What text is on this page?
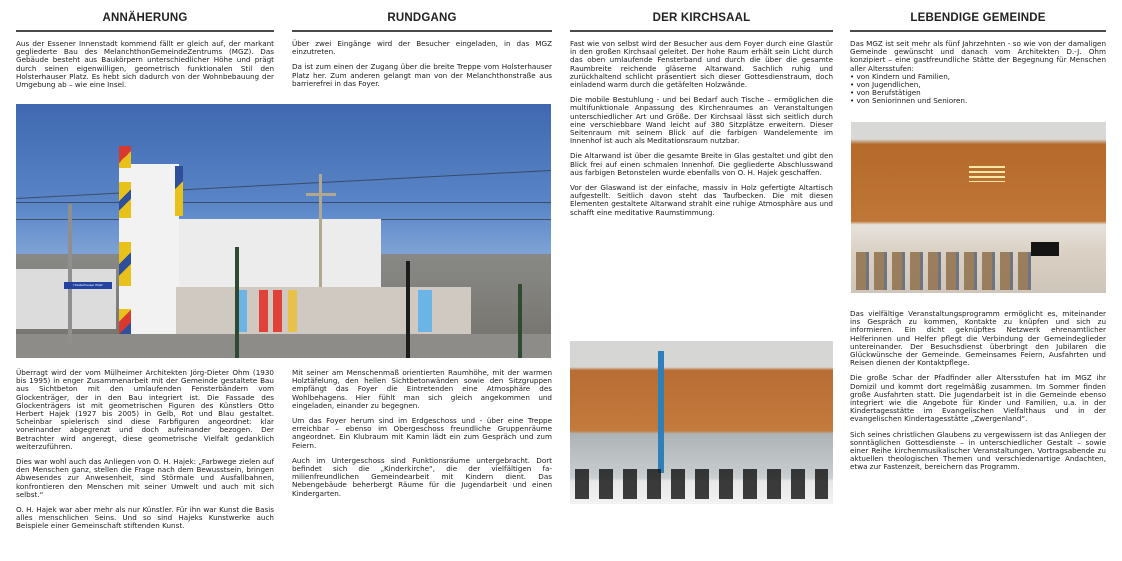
ANNÄHERUNG

Aus der Essener Innenstadt kommend fällt er gleich auf, der markant gegliederte Bau des MelanchthonGemeindeZentrums (MGZ). Das Gebäude besteht aus Baukörpern unterschiedlicher Höhe und prägt durch seinen eigenwilligen, geometrisch funktionalen Stil den Holsterhauser Platz. Es hebt sich dadurch von der Wohnbebauung der Umgebung ab – wie eine Insel.

Überragt wird der vom Mülheimer Architekten Jörg-Dieter Ohm (1930 bis 1995) in enger Zusammenarbeit mit der Gemeinde gestaltete Bau aus Sichtbeton mit den umlaufenden Fensterbändern vom Glockenträger, der in den Bau integriert ist. Die Fassade des Glockenträgers ist mit geometrischen Figuren des Künstlers Otto Herbert Hajek (1927 bis 2005) in Gelb, Rot und Blau gestaltet. Scheinbar spielerisch sind diese Farbfiguren angeordnet: klar voneinander abgegrenzt und doch aufeinander bezogen. Der Betrachter wird angeregt, diese geometrische Vielfalt gedanklich weiterzuführen.

Dies war wohl auch das Anliegen von O. H. Hajek: „Farbwege zielen auf den Menschen ganz, stellen die Frage nach dem Bewusstsein, bringen Abwesendes zur Anwesenheit, sind Störmale und Ausfallbahnen, konfrontieren den Menschen mit seiner Umwelt und auch mit sich selbst.“

O. H. Hajek war aber mehr als nur Künstler. Für ihn war Kunst die Basis alles menschlichen Seins. Und so sind Hajeks Kunstwerke auch Beispiele einer Gemeinschaft stiftenden Kunst.

RUNDGANG

Über zwei Eingänge wird der Besucher eingeladen, in das MGZ einzutreten.

Da ist zum einen der Zugang über die breite Treppe vom Holsterhauser Platz her. Zum anderen gelangt man von der Melanchthonstraße aus barrierefrei in das Foyer.

Mit seiner am Menschenmaß orientierten Raumhöhe, mit der warmen Holztäfelung, den hellen Sichtbetonwänden sowie den Sitzgruppen empfängt das Foyer die Eintretenden eine Atmosphäre des Wohlbehagens. Hier fühlt man sich gleich angekommen und eingeladen, einander zu begegnen.

Um das Foyer herum sind im Erdgeschoss und - über eine Treppe erreichbar – ebenso im Obergeschoss freundliche Gruppenräume angeordnet. Ein Klubraum mit Kamin lädt ein zum Gespräch und zum Feiern.

Auch im Untergeschoss sind Funktionsräume untergebracht. Dort befindet sich die „Kinderkirche“, die der vielfältigen familienfreundlichen Gemeindearbeit mit Kindern dient. Das Nebengebäude beherbergt Räume für die Jugendarbeit und einen Kindergarten.

DER KIRCHSAAL

Fast wie von selbst wird der Besucher aus dem Foyer durch eine Glastür in den großen Kirchsaal geleitet. Der hohe Raum erhält sein Licht durch das oben umlaufende Fensterband und durch die über die gesamte Raumbreite reichende gläserne Altarwand. Sachlich ruhig und zurückhaltend schlicht präsentiert sich dieser Gottesdienstraum, doch einladend warm durch die getäfelten Holzwände.

Die mobile Bestuhlung - und bei Bedarf auch Tische – ermöglichen die multifunktionale Anpassung des Kirchenraumes an Veranstaltungen unterschiedlicher Art und Größe. Der Kirchsaal lässt sich seitlich durch eine verschiebbare Wand leicht auf 380 Sitzplätze erweitern. Dieser Seitenraum mit seinem Blick auf die farbigen Wandelemente im Innenhof ist auch als Meditationsraum nutzbar.

Die Altarwand ist über die gesamte Breite in Glas gestaltet und gibt den Blick frei auf einen schmalen Innenhof. Die gegliederte Abschlusswand aus farbigen Betonstelen wurde ebenfalls von O. H. Hajek geschaffen.

Vor der Glaswand ist der einfache, massiv in Holz gefertigte Altartisch aufgestellt. Seitlich davon steht das Taufbecken. Die mit diesen Elementen gestaltete Altarwand strahlt eine ruhige Atmosphäre aus und schafft eine meditative Raumstimmung.

LEBENDIGE GEMEINDE

Das MGZ ist seit mehr als fünf Jahrzehnten - so wie von der damaligen Gemeinde gewünscht und danach vom Architekten D.-J. Ohm konzipiert – eine gastfreundliche Stätte der Begegnung für Menschen aller Altersstufen:

• von Kindern und Familien,
• von Jugendlichen,
• von Berufstätigen
• von Seniorinnen und Senioren.

Das vielfältige Veranstaltungsprogramm ermöglicht es, miteinander ins Gespräch zu kommen, Kontakte zu knüpfen und sich zu informieren. Ein dicht geknüpftes Netzwerk ehrenamtlicher Helferinnen und Helfer pflegt die Verbindung der Gemeindeglieder untereinander. Der Besuchsdienst überbringt den Jubilaren die Glückwünsche der Gemeinde. Gemeinsames Feiern, Ausfahrten und Reisen dienen der Kontaktpflege.

Die große Schar der Pfadfinder aller Altersstufen hat im MGZ ihr Domizil und kommt dort regelmäßig zusammen. Im Sommer finden große Ausfahrten statt. Die Jugendarbeit ist in die Gemeinde ebenso integriert wie die Angebote für Kinder und Familien, u.a. in der Kindertagesstätte im Evangelischen Vielfalthaus und in der evangelischen Kindertagesstätte „Zwergenland“.

Sich seines christlichen Glaubens zu vergewissern ist das Anliegen der sonntäglichen Gottesdienste – in unterschiedlicher Gestalt – sowie einer Reihe kirchenmusikalischer Veranstaltungen. Vortragsabende zu aktuellen theologischen Themen und verschiedenartige Andachten, etwa zur Fastenzeit, bereichern das Programm.

Holsterhauser Platz
